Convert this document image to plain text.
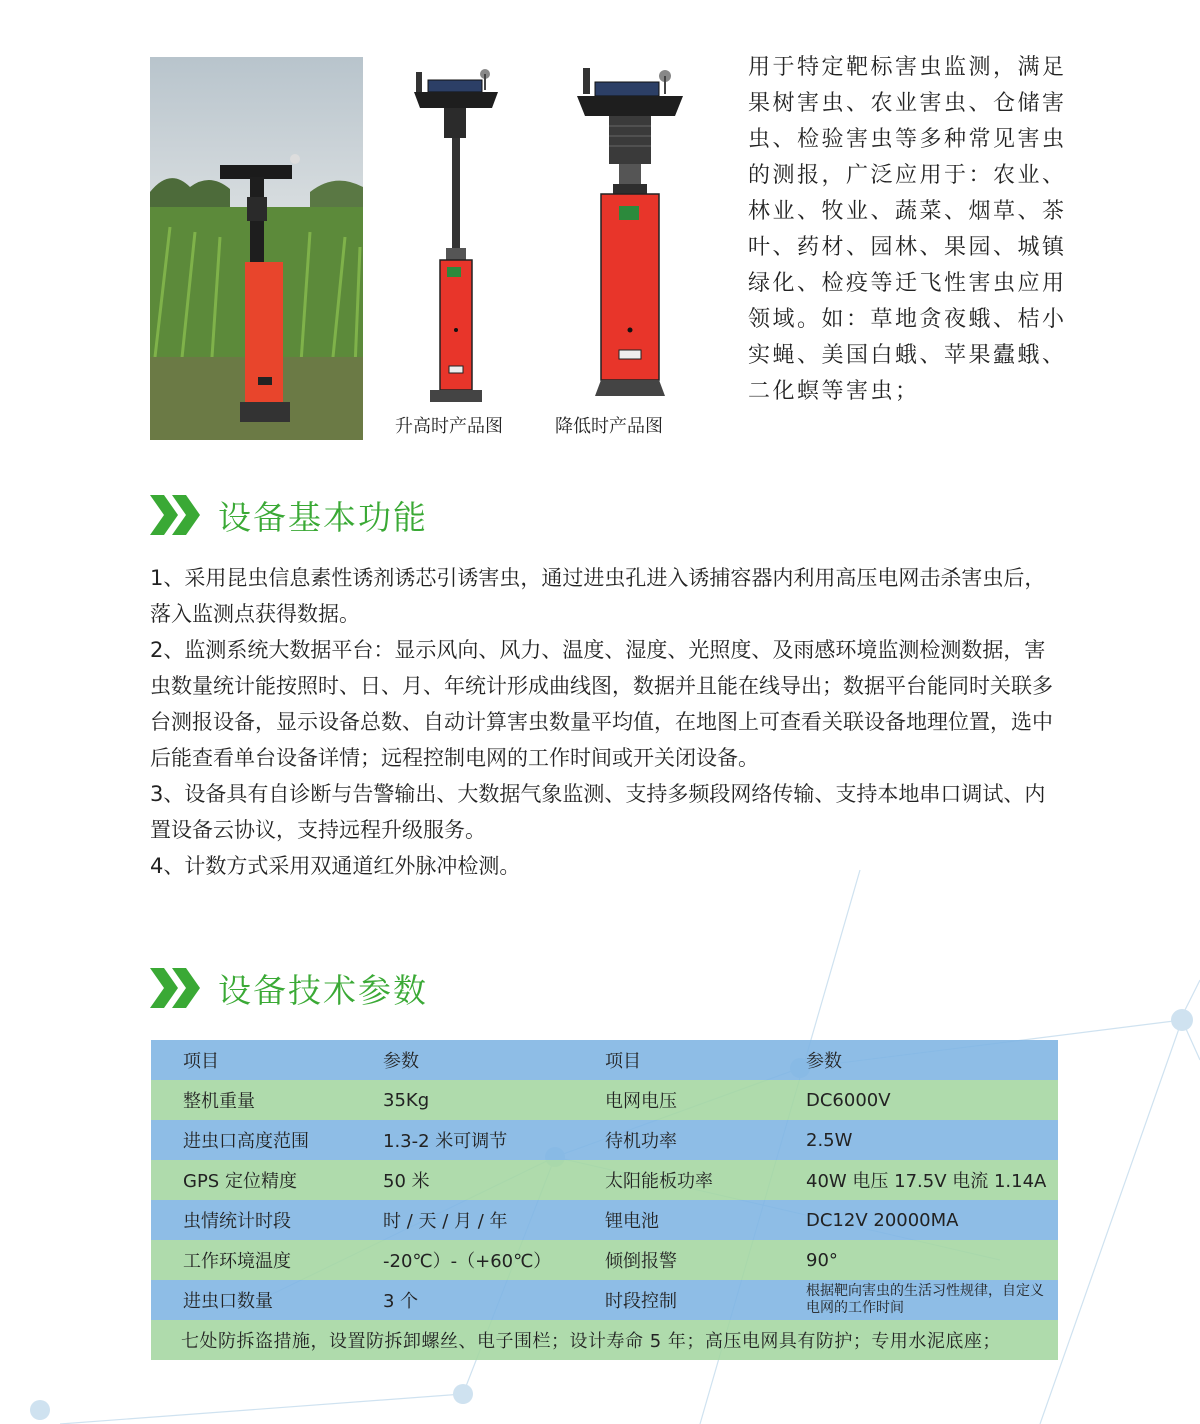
升高时产品图	降低时产品图

用于特定靶标害虫监测，满足果树害虫、农业害虫、仓储害虫、检验害虫等多种常见害虫的测报，广泛应用于：农业、林业、牧业、蔬菜、烟草、茶叶、药材、园林、果园、城镇绿化、检疫等迁飞性害虫应用领域。如：草地贪夜蛾、桔小实蝇、美国白蛾、苹果蠹蛾、二化螟等害虫；

设备基本功能
1、采用昆虫信息素性诱剂诱芯引诱害虫，通过进虫孔进入诱捕容器内利用高压电网击杀害虫后，落入监测点获得数据。
2、监测系统大数据平台：显示风向、风力、温度、湿度、光照度、及雨感环境监测检测数据，害虫数量统计能按照时、日、月、年统计形成曲线图，数据并且能在线导出；数据平台能同时关联多台测报设备，显示设备总数、自动计算害虫数量平均值，在地图上可查看关联设备地理位置，选中后能查看单台设备详情；远程控制电网的工作时间或开关闭设备。
3、设备具有自诊断与告警输出、大数据气象监测、支持多频段网络传输、支持本地串口调试、内置设备云协议，支持远程升级服务。
4、计数方式采用双通道红外脉冲检测。
设备技术参数
项目	参数	项目	参数
整机重量	35Kg	电网电压	DC6000V
进虫口高度范围	1.3-2 米可调节	待机功率	2.5W
GPS 定位精度	50 米	太阳能板功率	40W 电压 17.5V 电流 1.14A
虫情统计时段	时 / 天 / 月 / 年	锂电池	DC12V 20000MA
工作环境温度	-20℃）-（+60℃）	倾倒报警	90°
进虫口数量	3 个	时段控制	根据靶向害虫的生活习性规律，自定义电网的工作时间
七处防拆盗措施，设置防拆卸螺丝、电子围栏；设计寿命 5 年；高压电网具有防护；专用水泥底座；			
